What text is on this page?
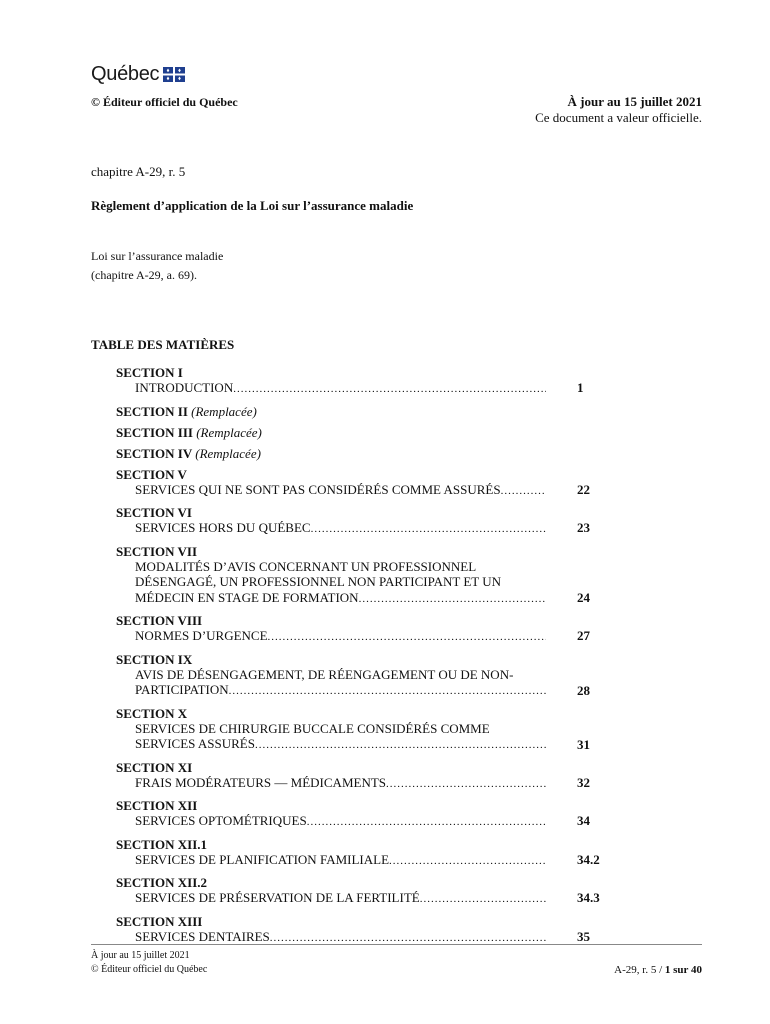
Québec
© Éditeur officiel du Québec	À jour au 15 juillet 2021
Ce document a valeur officielle.
chapitre A-29, r. 5
Règlement d’application de la Loi sur l’assurance maladie
Loi sur l’assurance maladie
(chapitre A-29, a. 69).
TABLE DES MATIÈRES
SECTION I
INTRODUCTION .....	1
SECTION II (Remplacée)
SECTION III (Remplacée)
SECTION IV (Remplacée)
SECTION V
SERVICES QUI NE SONT PAS CONSIDÉRÉS COMME ASSURÉS .....	22
SECTION VI
SERVICES HORS DU QUÉBEC .....	23
SECTION VII
MODALITÉS D’AVIS CONCERNANT UN PROFESSIONNEL
DÉSENGAGÉ, UN PROFESSIONNEL NON PARTICIPANT ET UN
MÉDECIN EN STAGE DE FORMATION .....	24
SECTION VIII
NORMES D’URGENCE .....	27
SECTION IX
AVIS DE DÉSENGAGEMENT, DE RÉENGAGEMENT OU DE NON-
PARTICIPATION .....	28
SECTION X
SERVICES DE CHIRURGIE BUCCALE CONSIDÉRÉS COMME
SERVICES ASSURÉS .....	31
SECTION XI
FRAIS MODÉRATEURS — MÉDICAMENTS .....	32
SECTION XII
SERVICES OPTOMÉTRIQUES .....	34
SECTION XII.1
SERVICES DE PLANIFICATION FAMILIALE .....	34.2
SECTION XII.2
SERVICES DE PRÉSERVATION DE LA FERTILITÉ .....	34.3
SECTION XIII
SERVICES DENTAIRES .....	35
À jour au 15 juillet 2021
© Éditeur officiel du Québec	A-29, r. 5 / 1 sur 40
